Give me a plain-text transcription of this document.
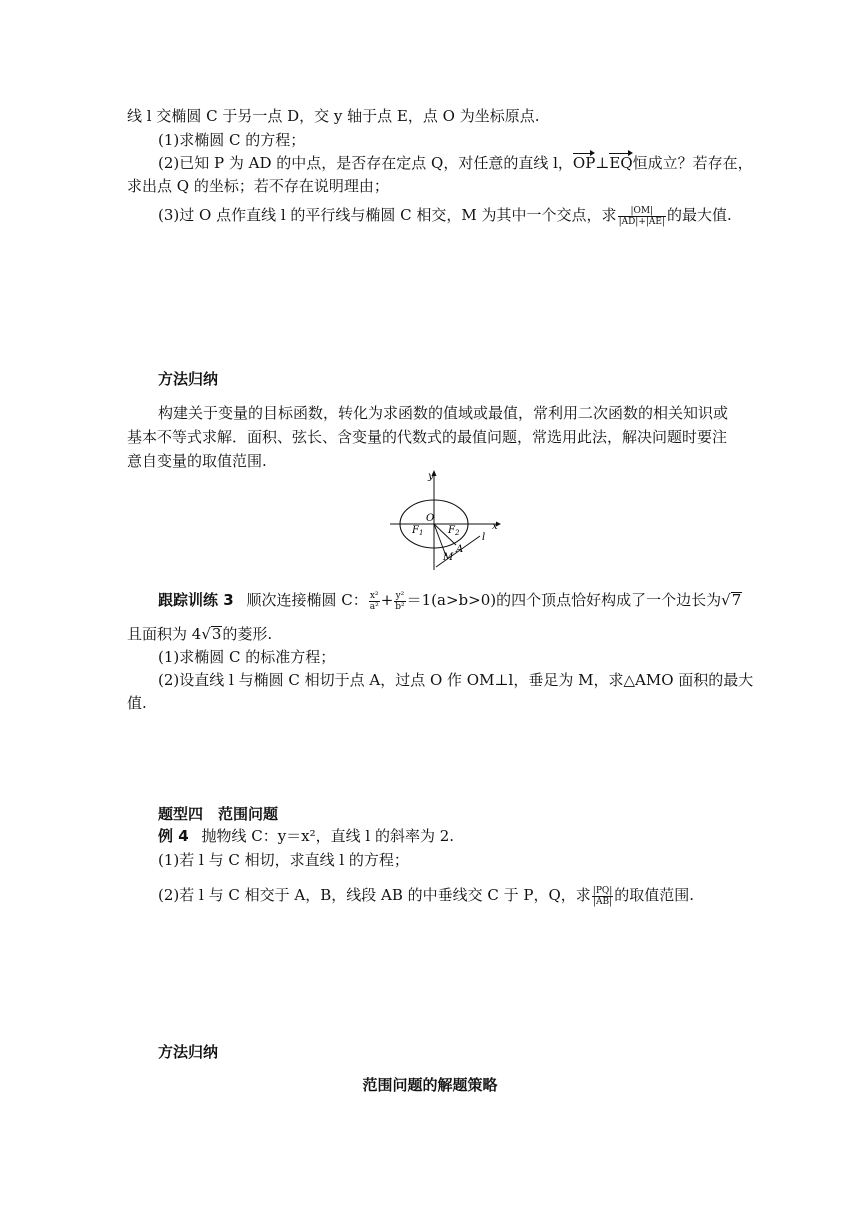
线 l 交椭圆 C 于另一点 D，交 y 轴于点 E，点 O 为坐标原点.
(1)求椭圆 C 的方程；
(2)已知 P 为 AD 的中点，是否存在定点 Q，对任意的直线 l，OP⊥EQ恒成立？若存在，
求出点 Q 的坐标；若不存在说明理由；
(3)过 O 点作直线 l 的平行线与椭圆 C 相交，M 为其中一个交点，求 $\frac{|OM|}{|AD|+|AE|}$ 的最大值.
方法归纳
构建关于变量的目标函数，转化为求函数的值域或最值，常利用二次函数的相关知识或
基本不等式求解．面积、弦长、含变量的代数式的最值问题，常选用此法，解决问题时要注
意自变量的取值范围.
y
x
O
$F_1$ $F_2$ l
A
M
跟踪训练 3 顺次连接椭圆 C： $\frac{\text{x²}}{\text{a²}} + \frac{\text{y²}}{\text{b²}} =1(a>b>0)$的四个顶点恰好构成了一个边长为√7
且面积为 4√3的菱形.
(1)求椭圆 C 的标准方程；
(2)设直线 l 与椭圆 C 相切于点 A，过点 O 作 OM⊥l，垂足为 M，求△AMO 面积的最大
值.
题型四　范围问题
例 4 抛物线 C：y＝x²，直线 l 的斜率为 2.
(1)若 l 与 C 相切，求直线 l 的方程；
(2)若 l 与 C 相交于 A，B，线段 AB 的中垂线交 C 于 P，Q，求 $\frac{|PQ|}{|AB|}$ 的取值范围.
方法归纳
范围问题的解题策略
